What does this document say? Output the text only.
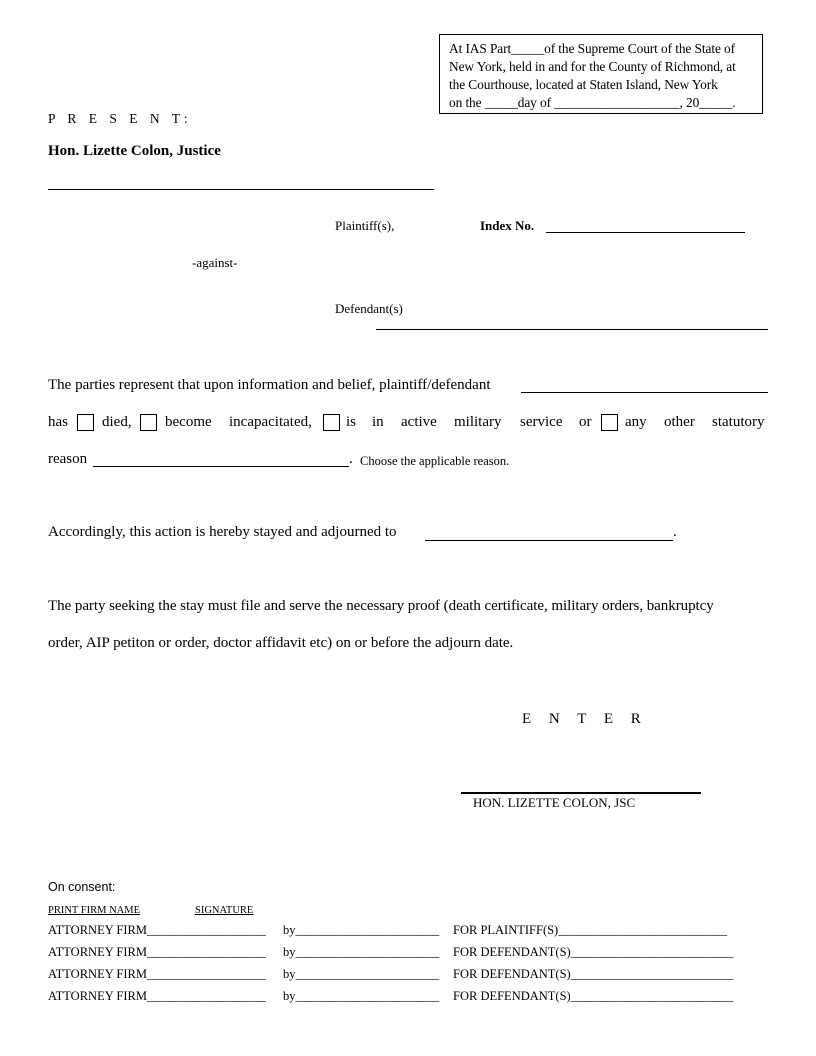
At IAS Part_____of the Supreme Court of the State of
New York, held in and for the County of Richmond, at
the Courthouse, located at Staten Island, New York
on the _____day of ___________________, 20_____.
P R E S E N T:
Hon. Lizette Colon, Justice
Plaintiff(s),	Index No.
-against-
Defendant(s)
The parties represent that upon information and belief, plaintiff/defendant
has died, become incapacitated, is in active military service or any other statutory
reason	. Choose the applicable reason.
Accordingly, this action is hereby stayed and adjourned to	.
The party seeking the stay must file and serve the necessary proof (death certificate, military orders, bankruptcy
order, AIP petiton or order, doctor affidavit etc) on or before the adjourn date.
E N T E R
HON. LIZETTE COLON, JSC
On consent:
PRINT FIRM NAME	SIGNATURE
ATTORNEY FIRM___________________ by_______________________ FOR PLAINTIFF(S)___________________________
ATTORNEY FIRM___________________ by_______________________ FOR DEFENDANT(S)__________________________
ATTORNEY FIRM___________________ by_______________________ FOR DEFENDANT(S)__________________________
ATTORNEY FIRM___________________ by_______________________ FOR DEFENDANT(S)__________________________
